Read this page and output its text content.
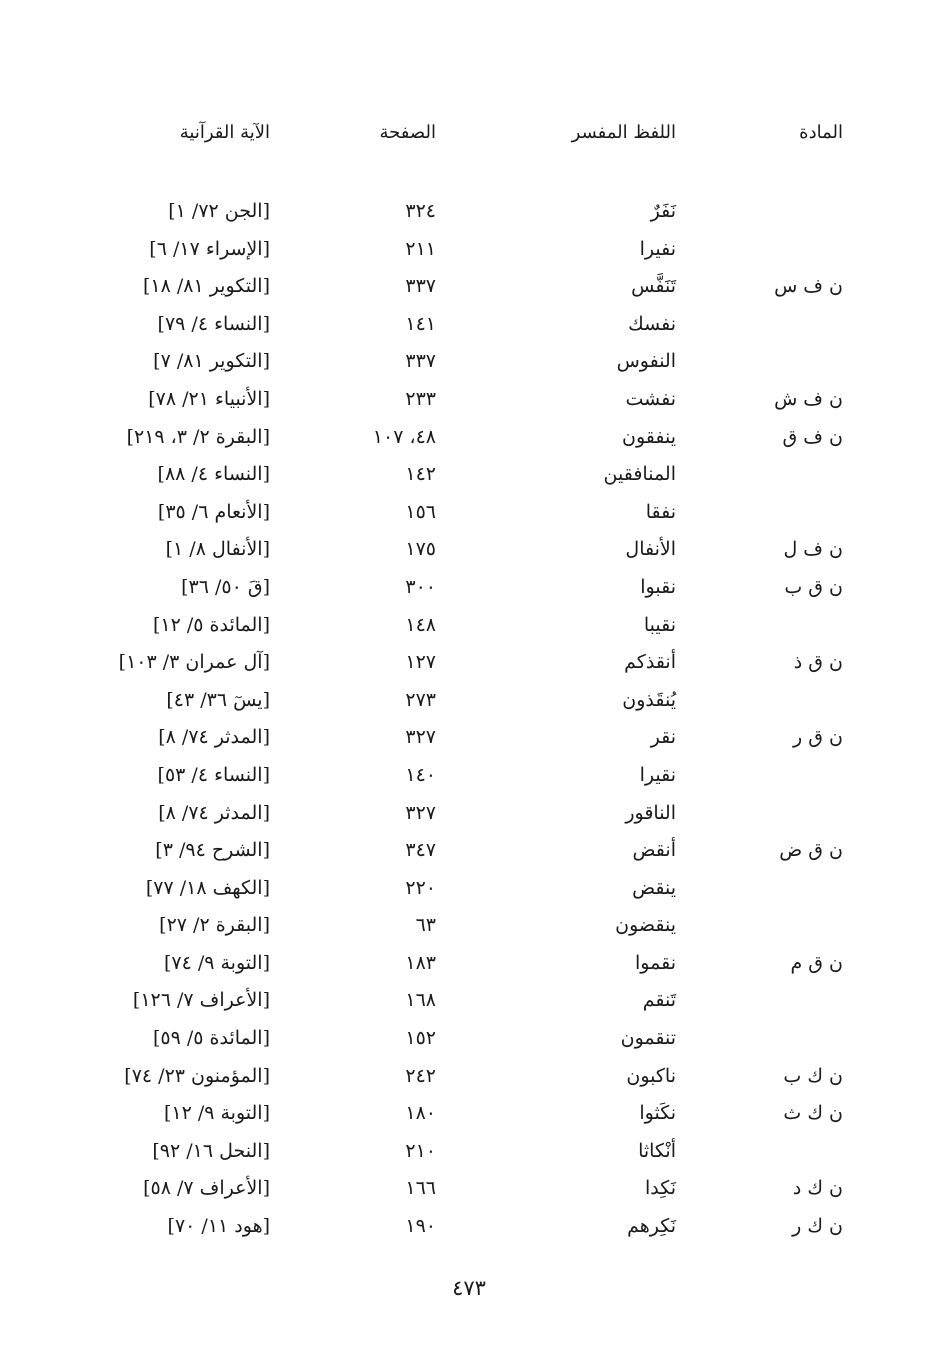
المادة
اللفظ المفسر
الصفحة
الآية القرآنية
نَفَرٌ
٣٢٤
[الجن ٧٢/ ١]
نفيرا
٢١١
[الإسراء ١٧/ ٦]
ن ف س
تَنَفَّس
٣٣٧
[التكوير ٨١/ ١٨]
نفسك
١٤١
[النساء ٤/ ٧٩]
النفوس
٣٣٧
[التكوير ٨١/ ٧]
ن ف ش
نفشت
٢٣٣
[الأنبياء ٢١/ ٧٨]
ن ف ق
ينفقون
٤٨، ١٠٧
[البقرة ٢/ ٣، ٢١٩]
المنافقين
١٤٢
[النساء ٤/ ٨٨]
نفقا
١٥٦
[الأنعام ٦/ ٣٥]
ن ف ل
الأنفال
١٧٥
[الأنفال ٨/ ١]
ن ق ب
نقبوا
٣٠٠
[قَ ٥٠/ ٣٦]
نقيبا
١٤٨
[المائدة ٥/ ١٢]
ن ق ذ
أنقذكم
١٢٧
[آل عمران ٣/ ١٠٣]
يُنقَذون
٢٧٣
[يسٓ ٣٦/ ٤٣]
ن ق ر
نقر
٣٢٧
[المدثر ٧٤/ ٨]
نقيرا
١٤٠
[النساء ٤/ ٥٣]
الناقور
٣٢٧
[المدثر ٧٤/ ٨]
ن ق ض
أنقض
٣٤٧
[الشرح ٩٤/ ٣]
ينقض
٢٢٠
[الكهف ١٨/ ٧٧]
ينقضون
٦٣
[البقرة ٢/ ٢٧]
ن ق م
نقموا
١٨٣
[التوبة ٩/ ٧٤]
تَنقم
١٦٨
[الأعراف ٧/ ١٢٦]
تنقمون
١٥٢
[المائدة ٥/ ٥٩]
ن ك ب
ناكبون
٢٤٢
[المؤمنون ٢٣/ ٧٤]
ن ك ث
نكَثوا
١٨٠
[التوبة ٩/ ١٢]
أنْكاثا
٢١٠
[النحل ١٦/ ٩٢]
ن ك د
نَكِدا
١٦٦
[الأعراف ٧/ ٥٨]
ن ك ر
نَكِرهم
١٩٠
[هود ١١/ ٧٠]
٤٧٣
